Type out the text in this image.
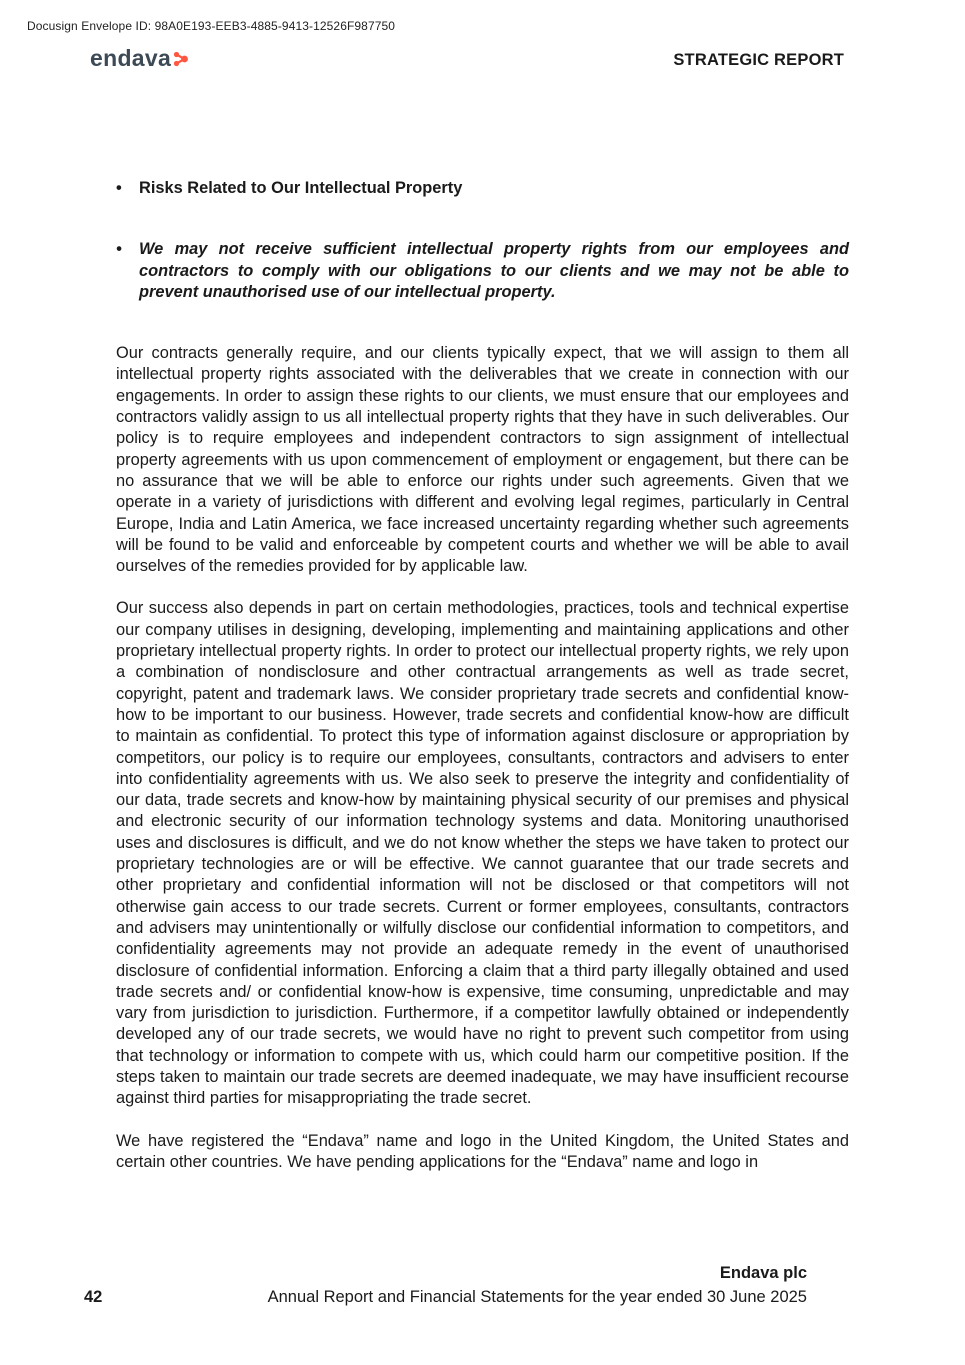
Docusign Envelope ID: 98A0E193-EEB3-4885-9413-12526F987750
endava	STRATEGIC REPORT
• Risks Related to Our Intellectual Property
• We may not receive sufficient intellectual property rights from our employees and contractors to comply with our obligations to our clients and we may not be able to prevent unauthorised use of our intellectual property.

Our contracts generally require, and our clients typically expect, that we will assign to them all intellectual property rights associated with the deliverables that we create in connection with our engagements. In order to assign these rights to our clients, we must ensure that our employees and contractors validly assign to us all intellectual property rights that they have in such deliverables. Our policy is to require employees and independent contractors to sign assignment of intellectual property agreements with us upon commencement of employment or engagement, but there can be no assurance that we will be able to enforce our rights under such agreements. Given that we operate in a variety of jurisdictions with different and evolving legal regimes, particularly in Central Europe, India and Latin America, we face increased uncertainty regarding whether such agreements will be found to be valid and enforceable by competent courts and whether we will be able to avail ourselves of the remedies provided for by applicable law.

Our success also depends in part on certain methodologies, practices, tools and technical expertise our company utilises in designing, developing, implementing and maintaining applications and other proprietary intellectual property rights. In order to protect our intellectual property rights, we rely upon a combination of nondisclosure and other contractual arrangements as well as trade secret, copyright, patent and trademark laws. We consider proprietary trade secrets and confidential know-how to be important to our business. However, trade secrets and confidential know-how are difficult to maintain as confidential. To protect this type of information against disclosure or appropriation by competitors, our policy is to require our employees, consultants, contractors and advisers to enter into confidentiality agreements with us. We also seek to preserve the integrity and confidentiality of our data, trade secrets and know-how by maintaining physical security of our premises and physical and electronic security of our information technology systems and data. Monitoring unauthorised uses and disclosures is difficult, and we do not know whether the steps we have taken to protect our proprietary technologies are or will be effective. We cannot guarantee that our trade secrets and other proprietary and confidential information will not be disclosed or that competitors will not otherwise gain access to our trade secrets. Current or former employees, consultants, contractors and advisers may unintentionally or wilfully disclose our confidential information to competitors, and confidentiality agreements may not provide an adequate remedy in the event of unauthorised disclosure of confidential information. Enforcing a claim that a third party illegally obtained and used trade secrets and/ or confidential know-how is expensive, time consuming, unpredictable and may vary from jurisdiction to jurisdiction. Furthermore, if a competitor lawfully obtained or independently developed any of our trade secrets, we would have no right to prevent such competitor from using that technology or information to compete with us, which could harm our competitive position. If the steps taken to maintain our trade secrets are deemed inadequate, we may have insufficient recourse against third parties for misappropriating the trade secret.

We have registered the “Endava” name and logo in the United Kingdom, the United States and certain other countries. We have pending applications for the “Endava” name and logo in

Endava plc
42	Annual Report and Financial Statements for the year ended 30 June 2025
